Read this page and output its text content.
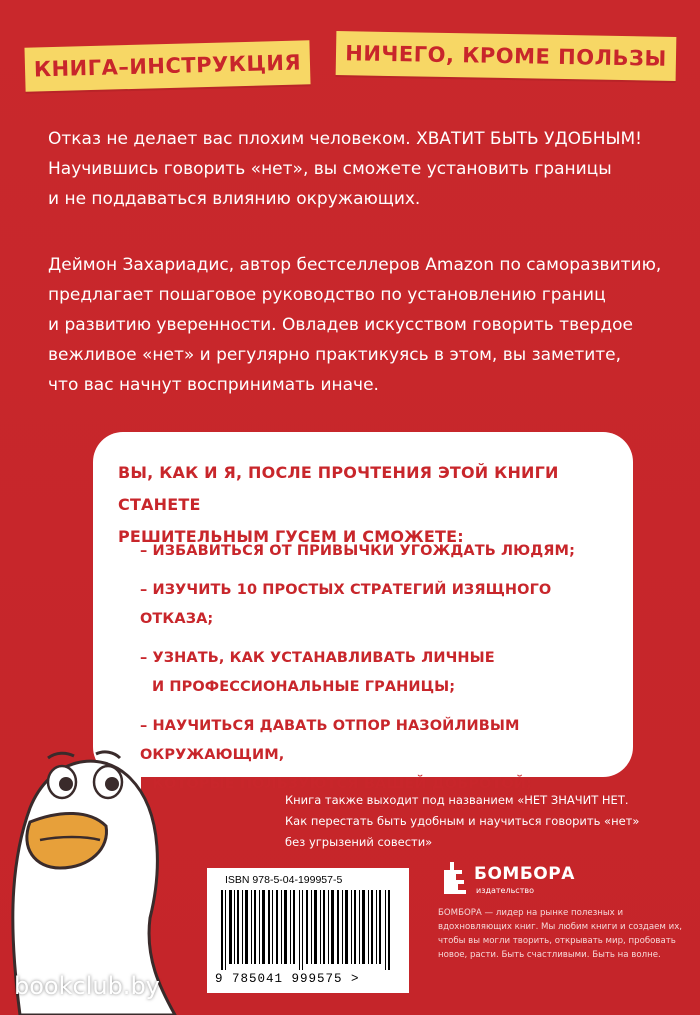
КНИГА–ИНСТРУКЦИЯ НИЧЕГО, КРОМЕ ПОЛЬЗЫ
Отказ не делает вас плохим человеком. ХВАТИТ БЫТЬ УДОБНЫМ!
Научившись говорить «нет», вы сможете установить границы
и не поддаваться влиянию окружающих.
Деймон Захариадис, автор бестселлеров Amazon по саморазвитию,
предлагает пошаговое руководство по установлению границ
и развитию уверенности. Овладев искусством говорить твердое
вежливое «нет» и регулярно практикуясь в этом, вы заметите,
что вас начнут воспринимать иначе.
ВЫ, КАК И Я, ПОСЛЕ ПРОЧТЕНИЯ ЭТОЙ КНИГИ СТАНЕТЕ
РЕШИТЕЛЬНЫМ ГУСЕМ И СМОЖЕТЕ:
– ИЗБАВИТЬСЯ ОТ ПРИВЫЧКИ УГОЖДАТЬ ЛЮДЯМ;
– ИЗУЧИТЬ 10 ПРОСТЫХ СТРАТЕГИЙ ИЗЯЩНОГО ОТКАЗА;
– УЗНАТЬ, КАК УСТАНАВЛИВАТЬ ЛИЧНЫЕ
И ПРОФЕССИОНАЛЬНЫЕ ГРАНИЦЫ;
– НАУЧИТЬСЯ ДАВАТЬ ОТПОР НАЗОЙЛИВЫМ ОКРУЖАЮЩИМ,
КОТОРЫЕ ПОЛЬЗУЮТСЯ ВАШЕЙ ДОБРОТОЙ;
Книга также выходит под названием «НЕТ ЗНАЧИТ НЕТ.
Как перестать быть удобным и научиться говорить «нет»
без угрызений совести»
ISBN 978-5-04-199957-5
9 785041 999575 >
БОМБОРА
издательство
БОМБОРА — лидер на рынке полезных и вдохновляющих книг. Мы любим книги и создаем их, чтобы вы могли творить, открывать мир, пробовать новое, расти. Быть счастливыми. Быть на волне.
bookclub.by
